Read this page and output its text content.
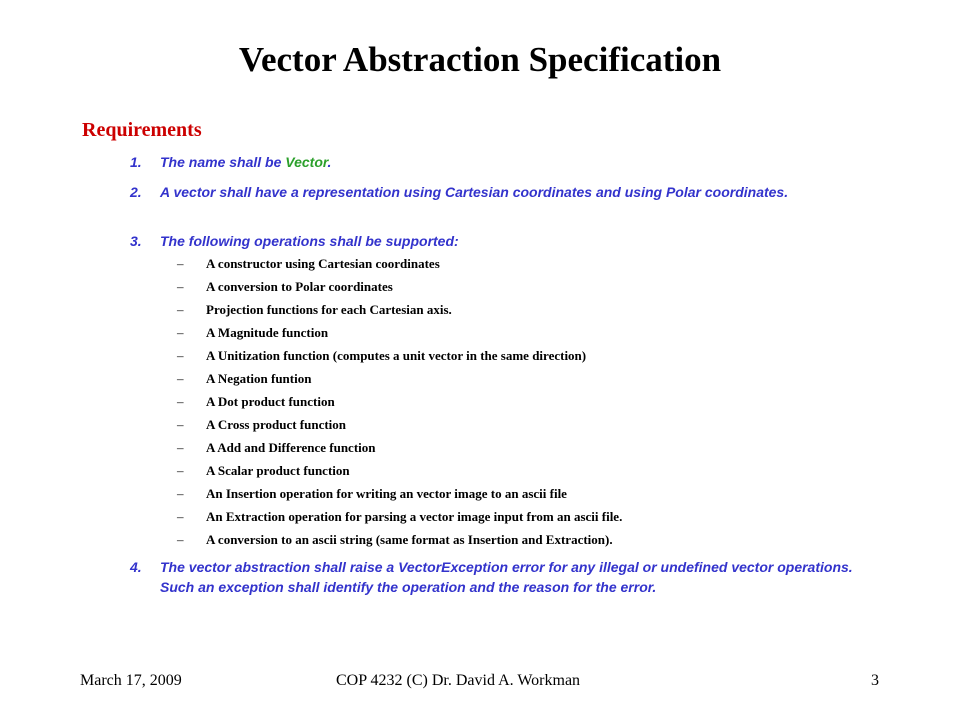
Vector Abstraction Specification
Requirements
1. The name shall be Vector.
2. A vector shall have a representation using Cartesian coordinates and using Polar coordinates.
3. The following operations shall be supported:
4. The vector abstraction shall raise a VectorException error for any illegal or undefined vector operations. Such an exception shall identify the operation and the reason for the error.
– A constructor using Cartesian coordinates
– A conversion to Polar coordinates
– Projection functions for each Cartesian axis.
– A Magnitude function
– A Unitization function (computes a unit vector in the same direction)
– A Negation funtion
– A Dot product function
– A Cross product function
– A Add and Difference function
– A Scalar product function
– An Insertion operation for writing an vector image to an ascii file
– An Extraction operation for parsing a vector image input from an ascii file.
– A conversion to an ascii string (same format as Insertion and Extraction).
March 17, 2009	COP 4232 (C) Dr. David A. Workman	3
